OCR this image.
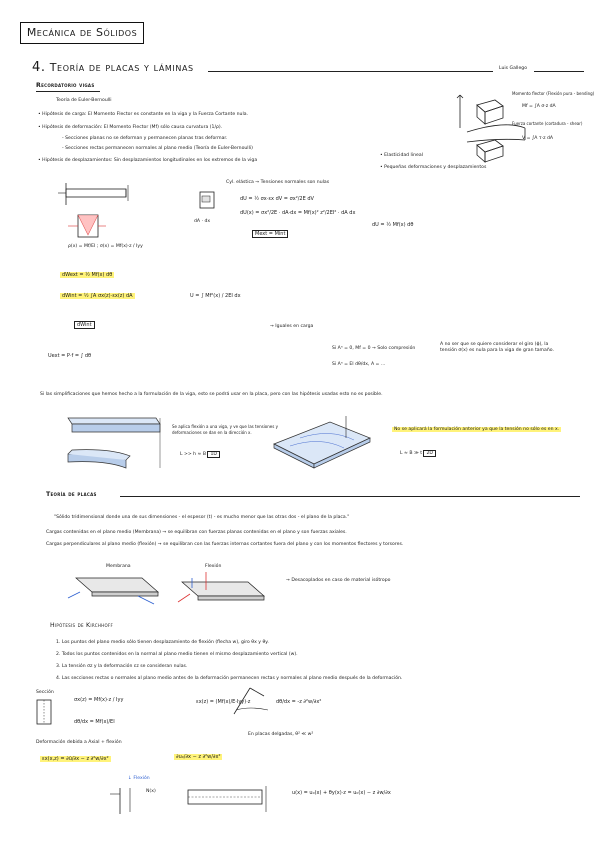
Mecánica de Sólidos
4. Teoría de placas y láminas	Luis Gallego
Recordatorio vigas
Teoría de Euler-Bernoulli
• Hipótesis de carga: El Momento Flector es constante en la viga y la Fuerza Cortante nula.
• Hipótesis de deformación: El Momento Flector (Mf) sólo causa curvatura (1/ρ).
- Secciones planas no se deforman y permanecen planas tras deformar.
- Secciones rectas permanecen normales al plano medio (Teoría de Euler-Bernoulli)
• Hipótesis de desplazamientos: Sin desplazamientos longitudinales en los extremos de la viga
Momento flector (Flexión pura - bending)
Mf = ∫A σ·z dA
Fuerza cortante (cortadura - shear)
V = ∫A τ·z dA
• Elasticidad lineal
• Pequeñas deformaciones y desplazamientos
ρ(x) = Mf/EI ; σ(x) = Mf(x)·z / Iyy
dA · dx
Cyl. elástica → Tensiones normales son nulas
dU = ½ σx·εx dV = σx²/2E dV
dU(x) = σx²/2E · dA·dx = Mf(x)² z²/2EI² · dA dx
Mext = Mint
dU = ½ Mf(x) dθ
dWext = ½ Mf(x) dθ
dWint = ½ ∫A σx(z)·εx(z) dA	U = ∫ Mf²(x) / 2EI dx
dWint	→ Iguales en carga
Uext = P·f = ∫ dθ
Si Aⁿ = 0, Mf = 0 → Solo compresión
Si Aⁿ = EI dθ/dx, A = ...
A no ser que se quiere considerar el giro (ϕ), la tensión σ(x) es nula para la viga de gran tamaño.
Si las simplificaciones que hemos hecho a la formulación de la viga, esto se podrá usar en la placa, pero con las hipótesis usadas esto no es posible.
Se aplica flexión a una viga, y ve que las tensiones y deformaciones se dan en la dirección x.
L >> h ≈ B 1D
No se aplicará la formulación anterior ya que la tensión no sólo es en x.
L ≈ B ≫ t 2D
Teoría de placas
"Sólido tridimensional donde una de sus dimensiones - el espesor (t) - es mucho menor que las otras dos - el plano de la placa."
Cargas contenidas en el plano medio (Membrana) → se equilibran con fuerzas planas contenidas en el plano y son fuerzas axiales.
Cargas perpendiculares al plano medio (flexión) → se equilibran con las fuerzas internas cortantes fuera del plano y con los momentos flectores y torsores.
Membrana	Flexión
→ Desacoplados en caso de material isótropo
Hipótesis de Kirchhoff
1. Los puntos del plano medio sólo tienen desplazamiento de flexión (flecha w), giro θx y θy.
2. Todos los puntos contenidos en la normal al plano medio tienen el mismo desplazamiento vertical (w).
3. La tensión σz y la deformación εz se consideran nulas.
4. Las secciones rectas o normales al plano medio antes de la deformación permanecen rectas y normales al plano medio después de la deformación.
Sección
σx(z) = Mf(x)·z / Iyy	εx(z) = (Mf(x)/E·Iyy)·z	dθ/dx = -z ∂²w/∂x²
dθ/dx = Mf(x)/EI
En placas delgadas, θ² ≪ w²
Deformación debida a Axial + flexión
εx(x,z) = ∂ū/∂x − z ∂²w/∂x²	∂u₀/∂x − z ∂²w/∂x²
↓ Flexión
N(x)	u(x) = u₀(x) + θy(x)·z = u₀(x) − z ∂w/∂x
